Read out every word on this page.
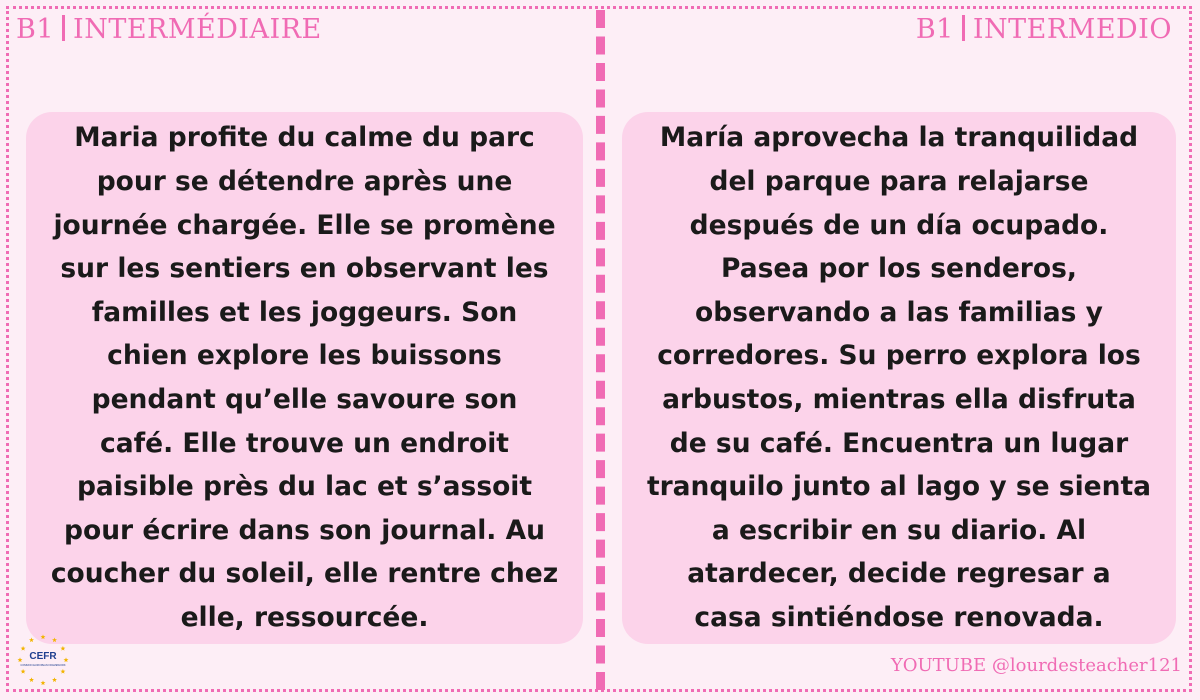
B1 INTERMÉDIAIRE	B1 INTERMEDIO

Maria profite du calme du parc
pour se détendre après une
journée chargée. Elle se promène
sur les sentiers en observant les
familles et les joggeurs. Son
chien explore les buissons
pendant qu’elle savoure son
café. Elle trouve un endroit
paisible près du lac et s’assoit
pour écrire dans son journal. Au
coucher du soleil, elle rentre chez
elle, ressourcée.

María aprovecha la tranquilidad
del parque para relajarse
después de un día ocupado.
Pasea por los senderos,
observando a las familias y
corredores. Su perro explora los
arbustos, mientras ella disfruta
de su café. Encuentra un lugar
tranquilo junto al lago y se sienta
a escribir en su diario. Al
atardecer, decide regresar a
casa sintiéndose renovada.

CEFR
COMMON EUROPEAN FRAMEWORK	YOUTUBE @lourdesteacher121
